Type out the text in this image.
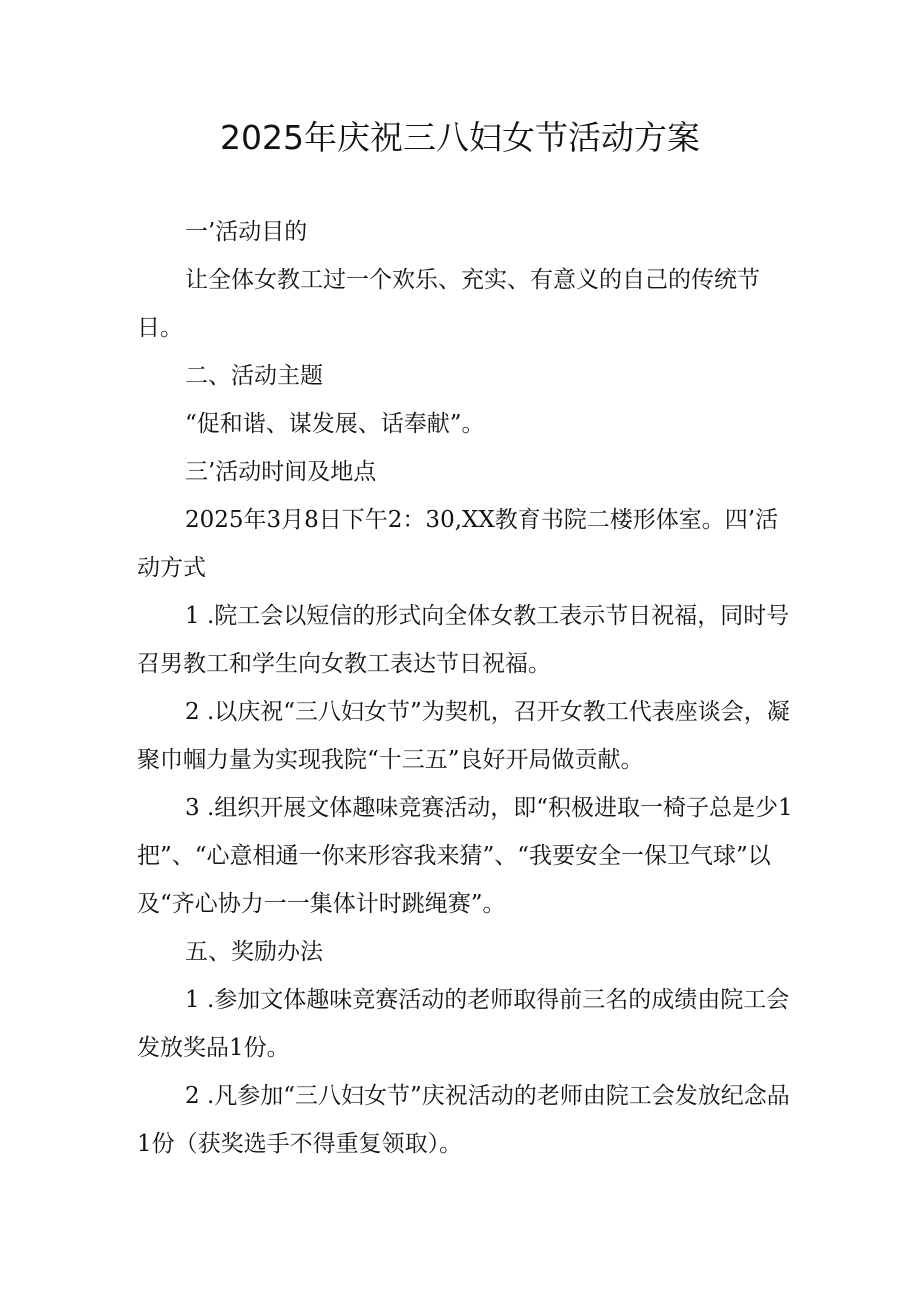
2025年庆祝三八妇女节活动方案

一’活动目的

让全体女教工过一个欢乐、充实、有意义的自己的传统节日。

二、活动主题

“促和谐、谋发展、话奉献”。

三’活动时间及地点

2025年3月8日下午2：30,XX教育书院二楼形体室。四’活动方式

1 .院工会以短信的形式向全体女教工表示节日祝福，同时号召男教工和学生向女教工表达节日祝福。

2 .以庆祝“三八妇女节”为契机，召开女教工代表座谈会，凝聚巾帼力量为实现我院“十三五”良好开局做贡献。

3 .组织开展文体趣味竞赛活动，即“积极进取一椅子总是少1把”、“心意相通一你来形容我来猜”、“我要安全一保卫气球”以及“齐心协力一一集体计时跳绳赛”。

五、奖励办法

1 .参加文体趣味竞赛活动的老师取得前三名的成绩由院工会发放奖品1份。

2 .凡参加“三八妇女节”庆祝活动的老师由院工会发放纪念品1份（获奖选手不得重复领取）。
